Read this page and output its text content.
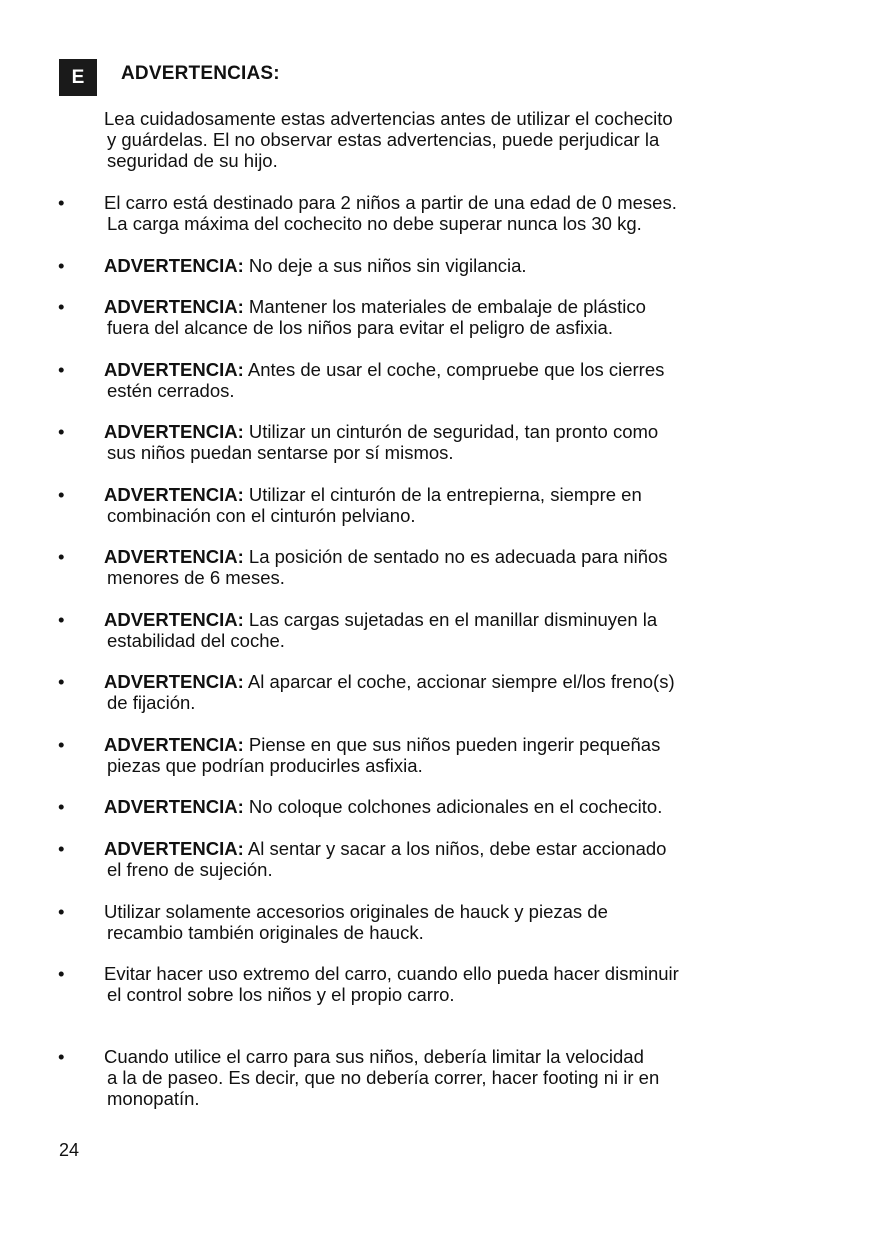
E	ADVERTENCIAS:
Lea cuidadosamente estas advertencias antes de utilizar el cochecito
y guárdelas. El no observar estas advertencias, puede perjudicar la
seguridad de su hijo.
• El carro está destinado para 2 niños a partir de una edad de 0 meses.
La carga máxima del cochecito no debe superar nunca los 30 kg.
• ADVERTENCIA: No deje a sus niños sin vigilancia.
• ADVERTENCIA: Mantener los materiales de embalaje de plástico
fuera del alcance de los niños para evitar el peligro de asfixia.
• ADVERTENCIA: Antes de usar el coche, compruebe que los cierres
estén cerrados.
• ADVERTENCIA: Utilizar un cinturón de seguridad, tan pronto como
sus niños puedan sentarse por sí mismos.
• ADVERTENCIA: Utilizar el cinturón de la entrepierna, siempre en
combinación con el cinturón pelviano.
• ADVERTENCIA: La posición de sentado no es adecuada para niños
menores de 6 meses.
• ADVERTENCIA: Las cargas sujetadas en el manillar disminuyen la
estabilidad del coche.
• ADVERTENCIA: Al aparcar el coche, accionar siempre el/los freno(s)
de fijación.
• ADVERTENCIA: Piense en que sus niños pueden ingerir pequeñas
piezas que podrían producirles asfixia.
• ADVERTENCIA: No coloque colchones adicionales en el cochecito.
• ADVERTENCIA: Al sentar y sacar a los niños, debe estar accionado
el freno de sujeción.
• Utilizar solamente accesorios originales de hauck y piezas de
recambio también originales de hauck.
• Evitar hacer uso extremo del carro, cuando ello pueda hacer disminuir
el control sobre los niños y el propio carro.
• Cuando utilice el carro para sus niños, debería limitar la velocidad
a la de paseo. Es decir, que no debería correr, hacer footing ni ir en
monopatín.
24
